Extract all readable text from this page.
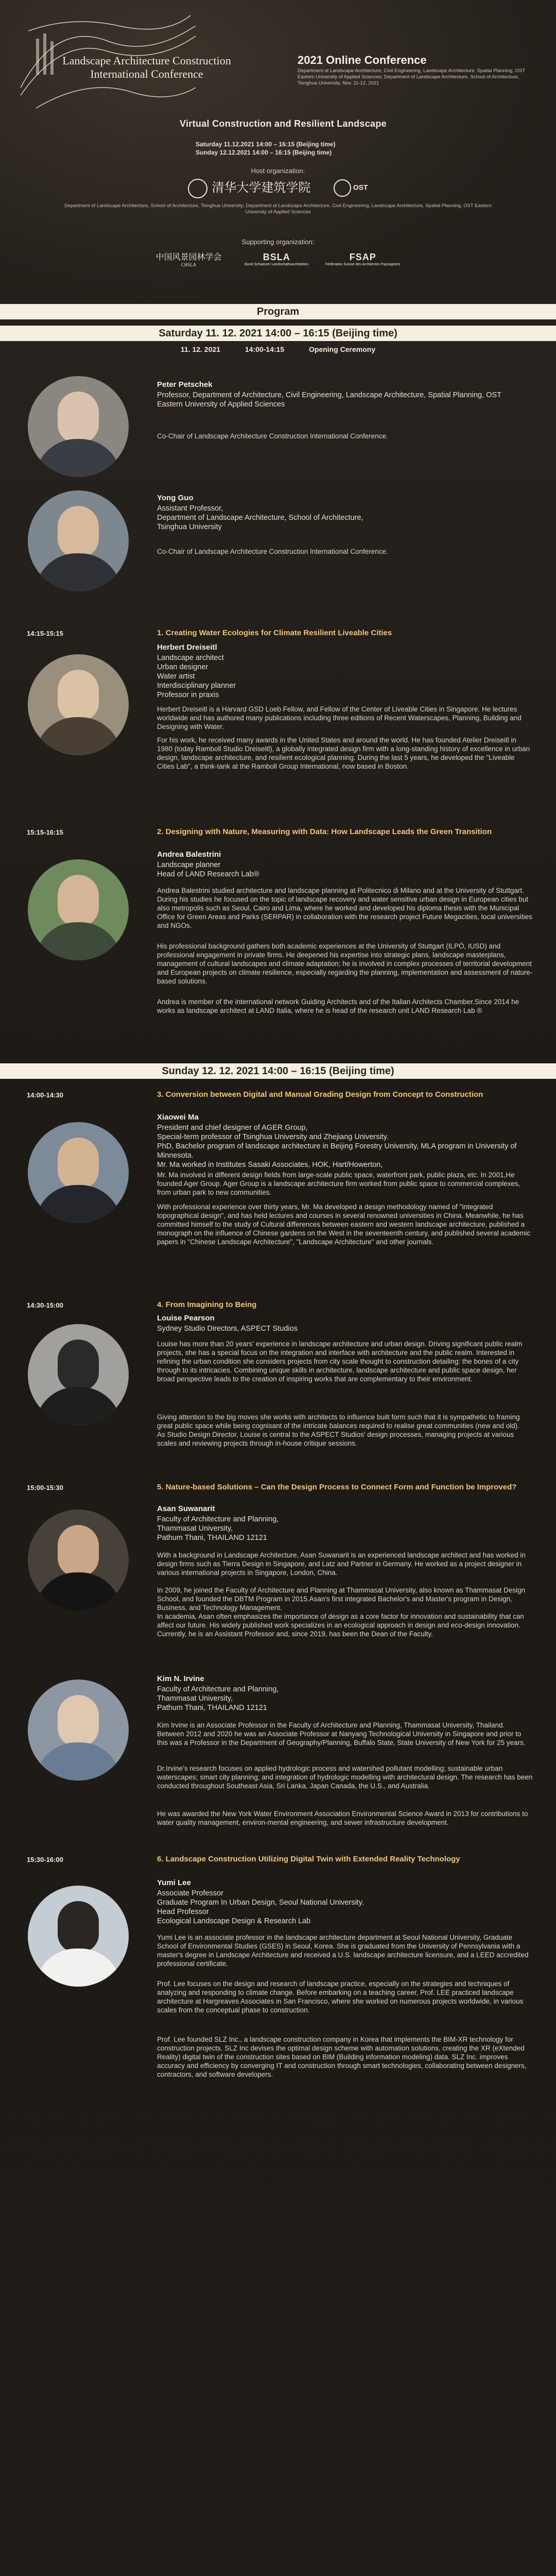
Landscape Architecture Construction
International Conference
2021 Online Conference
Department of Landscape Architecture, Civil Engineering, Landscape Architecture, Spatial Planning, OST Eastern University of Applied Sciences; Department of Landscape Architecture, School of Architecture, Tsinghua University, Nov. 11-12, 2021
Virtual Construction and Resilient Landscape
Saturday 11.12.2021 14:00 – 16:15 (Beijing time)
Sunday 12.12.2021 14:00 – 16:15 (Beijing time)
Host organization:
清华大学建筑学院	OST
Department of Landscape Architecture, School of Architecture, Tsinghua University; Department of Landscape Architecture, Civil Engineering, Landscape Architecture, Spatial Planning, OST Eastern University of Applied Sciences
Supporting organization:
中国风景园林学会
CHSLA
BSLA
Bund Schweizer Landschaftsarchitekten
FSAP
Fédération Suisse des Architectes Paysagistes
Program
Saturday 11. 12. 2021 14:00 – 16:15 (Beijing time)
11. 12. 2021	14:00-14:15	Opening Ceremony
Peter Petschek
Professor, Department of Architecture, Civil Engineering, Landscape Architecture, Spatial Planning, OST Eastern University of Applied Sciences
Co-Chair of Landscape Architecture Construction International Conference.
Yong Guo
Assistant Professor,
Department of Landscape Architecture, School of Architecture,
Tsinghua University
Co-Chair of Landscape Architecture Construction International Conference.
14:15-15:15	1. Creating Water Ecologies for Climate Resilient Liveable Cities
Herbert Dreiseitl
Landscape architect
Urban designer
Water artist
Interdisciplinary planner
Professor in praxis
Herbert Dreiseitl is a Harvard GSD Loeb Fellow, and Fellow of the Center of Liveable Cities in Singapore. He lectures worldwide and has authored many publications including three editions of Recent Waterscapes, Planning, Building and Designing with Water.
For his work, he received many awards in the United States and around the world. He has founded Atelier Dreiseitl in 1980 (today Ramboll Studio Dreiseitl), a globally integrated design firm with a long-standing history of excellence in urban design, landscape architecture, and resilient ecological planning. During the last 5 years, he developed the "Liveable Cities Lab", a think-tank at the Ramboll Group International, now based in Boston.
15:15-16:15	2. Designing with Nature, Measuring with Data: How Landscape Leads the Green Transition
Andrea Balestrini
Landscape planner
Head of LAND Research Lab®
Andrea Balestrini studied architecture and landscape planning at Politecnico di Milano and at the University of Stuttgart. During his studies he focused on the topic of landscape recovery and water sensitive urban design in European cities but also metropolis such as Seoul, Cairo and Lima, where he worked and developed his diploma thesis with the Municipal Office for Green Areas and Parks (SERPAR) in collaboration with the research project Future Megacities, local universities and NGOs.
His professional background gathers both academic experiences at the University of Stuttgart (ILPÖ, IUSD) and professional engagement in private firms. He deepened his expertise into strategic plans, landscape masterplans, management of cultural landscapes and climate adaptation; he is involved in complex processes of territorial development and European projects on climate resilience, especially regarding the planning, implementation and assessment of nature-based solutions.
Andrea is member of the international network Guiding Architects and of the Italian Architects Chamber.Since 2014 he works as landscape architect at LAND Italia, where he is head of the research unit LAND Research Lab ®
Sunday 12. 12. 2021 14:00 – 16:15 (Beijing time)
14:00-14:30	3. Conversion between Digital and Manual Grading Design from Concept to Construction
Xiaowei Ma
President and chief designer of AGER Group,
Special-term professor of Tsinghua University and Zhejiang University.
PhD, Bachelor program of landscape architecture in Beijing Forestry University, MLA program in University of Minnesota.
Mr. Ma worked in Institutes Sasaki Associates, HOK, Hart/Howerton,
Mr. Ma involved in different design fields from large-scale public space, waterfront park, public plaza, etc. In 2001,He founded Ager Group. Ager Group is a landscape architecture firm worked from public space to commercial complexes, from urban park to new communities.
With professional experience over thirty years, Mr. Ma developed a design methodology named of "integrated topographical design", and has held lectures and courses in several renowned universities in China. Meanwhile, he has committed himself to the study of Cultural differences between eastern and western landscape architecture, published a monograph on the influence of Chinese gardens on the West in the seventeenth century, and published several academic papers in "Chinese Landscape Architecture", "Landscape Architecture" and other journals.
14:30-15:00	4. From Imagining to Being
Louise Pearson
Sydney Studio Directors, ASPECT Studios
Louise has more than 20 years' experience in landscape architecture and urban design. Driving significant public realm projects, she has a special focus on the integration and interface with architecture and the public realm. Interested in refining the urban condition she considers projects from city scale thought to construction detailing: the bones of a city through to its intricacies. Combining unique skills in architecture, landscape architecture and public space design, her broad perspective leads to the creation of inspiring works that are complementary to their environment.
Giving attention to the big moves she works with architects to influence built form such that it is sympathetic to framing great public space while being cognisant of the intricate balances required to realise great communities (new and old).
As Studio Design Director, Louise is central to the ASPECT Studios' design processes, managing projects at various scales and reviewing projects through in-house critique sessions.
15:00-15:30	5. Nature-based Solutions – Can the Design Process to Connect Form and Function be Improved?
Asan Suwanarit
Faculty of Architecture and Planning,
Thammasat University,
Pathum Thani, THAILAND 12121
With a background in Landscape Architecture, Asan Suwanarit is an experienced landscape architect and has worked in design firms such as Tierra Design in Singapore, and Latz and Partner in Germany. He worked as a project designer in various international projects in Singapore, London, China.
In 2009, he joined the Faculty of Architecture and Planning at Thammasat University, also known as Thammasat Design School, and founded the DBTM Program in 2015.Asan's first integrated Bachelor's and Master's program in Design, Business, and Technology Management.
In academia, Asan often emphasizes the importance of design as a core factor for innovation and sustainability that can affect our future. His widely published work specializes in an ecological approach in design and eco-design innovation. Currently, he is an Assistant Professor and, since 2019, has been the Dean of the Faculty.
Kim N. Irvine
Faculty of Architecture and Planning,
Thammasat University,
Pathum Thani, THAILAND 12121
Kim Irvine is an Associate Professor in the Faculty of Architecture and Planning, Thammasat University, Thailand. Between 2012 and 2020 he was an Associate Professor at Nanyang Technological University in Singapore and prior to this was a Professor in the Department of Geography/Planning, Buffalo State, State University of New York for 25 years.
Dr.Irvine's research focuses on applied hydrologic process and watershed pollutant modelling; sustainable urban waterscapes; smart city planning; and integration of hydrologic modelling with architectural design. The research has been conducted throughout Southeast Asia, Sri Lanka, Japan Canada, the U.S., and Australia.
He was awarded the New York Water Environment Association Environmental Science Award in 2013 for contributions to water quality management, environ-mental engineering, and sewer infrastructure development.
15:30-16:00	6. Landscape Construction Utilizing Digital Twin with Extended Reality Technology
Yumi Lee
Associate Professor
Graduate Program In Urban Design, Seoul National University.
Head Professor
Ecological Landscape Design & Research Lab
Yumi Lee is an associate professor in the landscape architecture department at Seoul National University, Graduate School of Environmental Studies (GSES) in Seoul, Korea. She is graduated from the University of Pennsylvania with a master's degree in Landscape Architecture and received a U.S. landscape architecture licensure, and a LEED accredited professional certificate.
Prof. Lee focuses on the design and research of landscape practice, especially on the strategies and techniques of analyzing and responding to climate change. Before embarking on a teaching career, Prof. LEE practiced landscape architecture at Hargreaves Associates in San Francisco, where she worked on numerous projects worldwide, in various scales from the conceptual phase to construction.
Prof. Lee founded SLZ Inc., a landscape construction company in Korea that implements the BIM-XR technology for construction projects. SLZ Inc devises the optimal design scheme with automation solutions, creating the XR (eXtended Reality) digital twin of the construction sites based on BIM (Building information modeling) data. SLZ Inc. improves accuracy and efficiency by converging IT and construction through smart technologies, collaborating between designers, contractors, and software developers.
